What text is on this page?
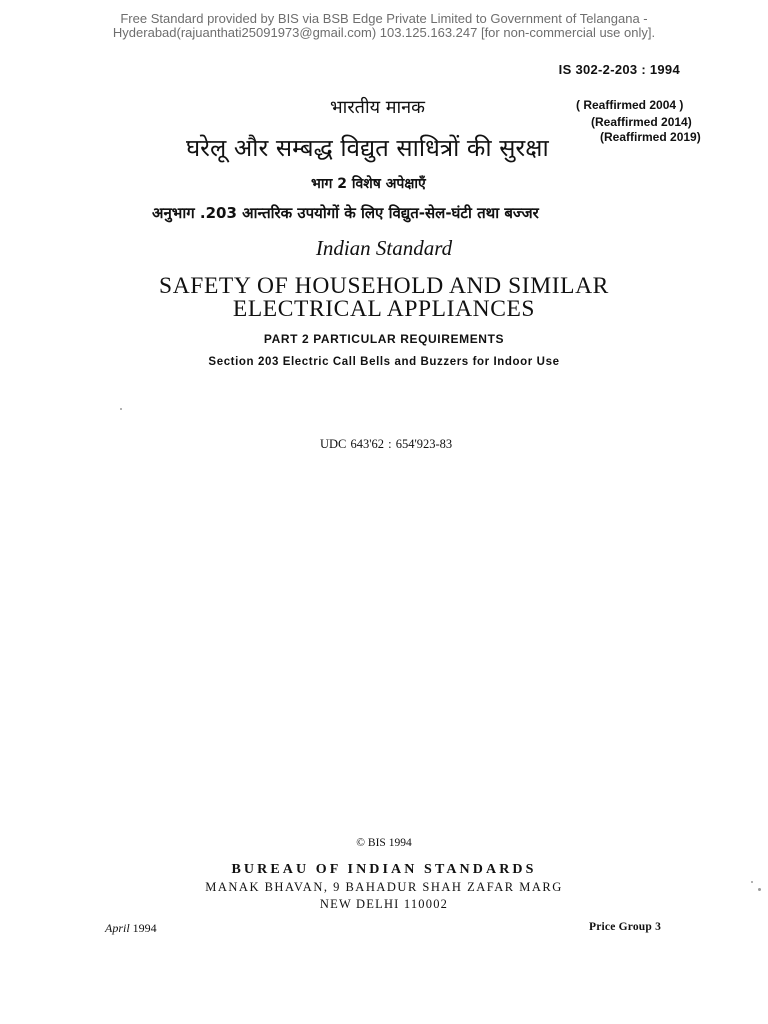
Free Standard provided by BIS via BSB Edge Private Limited to Government of Telangana -
Hyderabad(rajuanthati25091973@gmail.com) 103.125.163.247 [for non-commercial use only].
IS 302-2-203 : 1994
भारतीय मानक
घरेलू और सम्बद्ध विद्युत साधित्रों की सुरक्षा
भाग 2 विशेष अपेक्षाएँ
अनुभाग .203 आन्तरिक उपयोगों के लिए विद्युत-सेल-घंटी तथा बज्जर
( Reaffirmed 2004 )
(Reaffirmed 2014)
(Reaffirmed 2019)
Indian Standard
SAFETY OF HOUSEHOLD AND SIMILAR
ELECTRICAL APPLIANCES
PART 2 PARTICULAR REQUIREMENTS
Section 203 Electric Call Bells and Buzzers for Indoor Use
UDC 643'62 : 654'923-83
© BIS 1994
BUREAU OF INDIAN STANDARDS
MANAK BHAVAN, 9 BAHADUR SHAH ZAFAR MARG
NEW DELHI 110002
April 1994	Price Group 3
